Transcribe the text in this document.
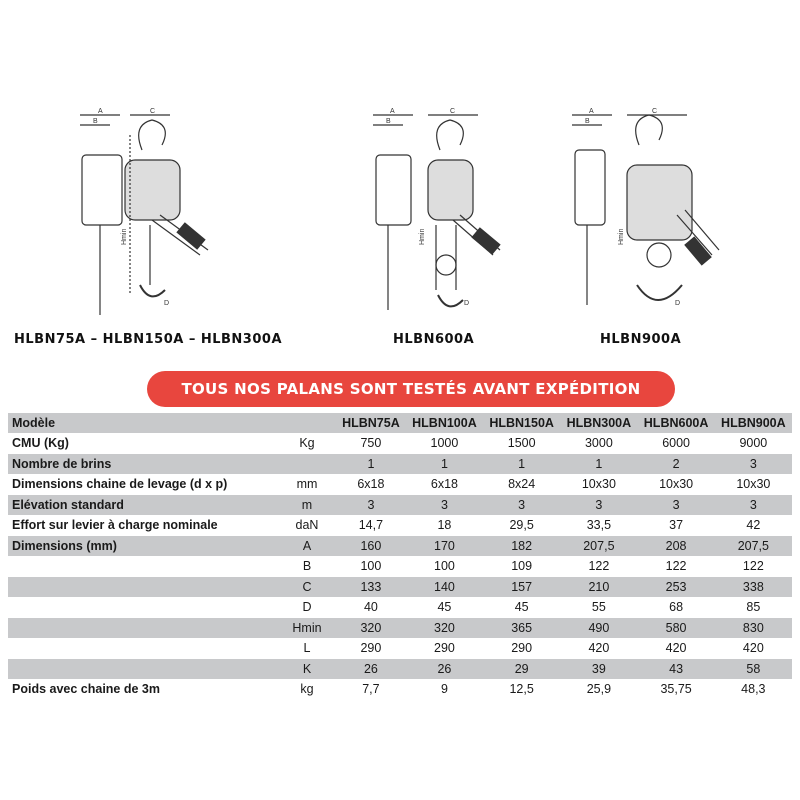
A
B
C
D
Hmin
HLBN75A – HLBN150A – HLBN300A
A
B
C
D
Hmin
HLBN600A
A
B
C
D
Hmin
HLBN900A
TOUS NOS PALANS SONT TESTÉS AVANT EXPÉDITION
Modèle		HLBN75A	HLBN100A	HLBN150A	HLBN300A	HLBN600A	HLBN900A
CMU (Kg)	Kg	750	1000	1500	3000	6000	9000
Nombre de brins		1	1	1	1	2	3
Dimensions chaine de levage (d x p)	mm	6x18	6x18	8x24	10x30	10x30	10x30
Elévation standard	m	3	3	3	3	3	3
Effort sur levier à charge nominale	daN	14,7	18	29,5	33,5	37	42
Dimensions (mm)	A	160	170	182	207,5	208	207,5
	B	100	100	109	122	122	122
	C	133	140	157	210	253	338
	D	40	45	45	55	68	85
	Hmin	320	320	365	490	580	830
	L	290	290	290	420	420	420
	K	26	26	29	39	43	58
Poids avec chaine de 3m	kg	7,7	9	12,5	25,9	35,75	48,3
